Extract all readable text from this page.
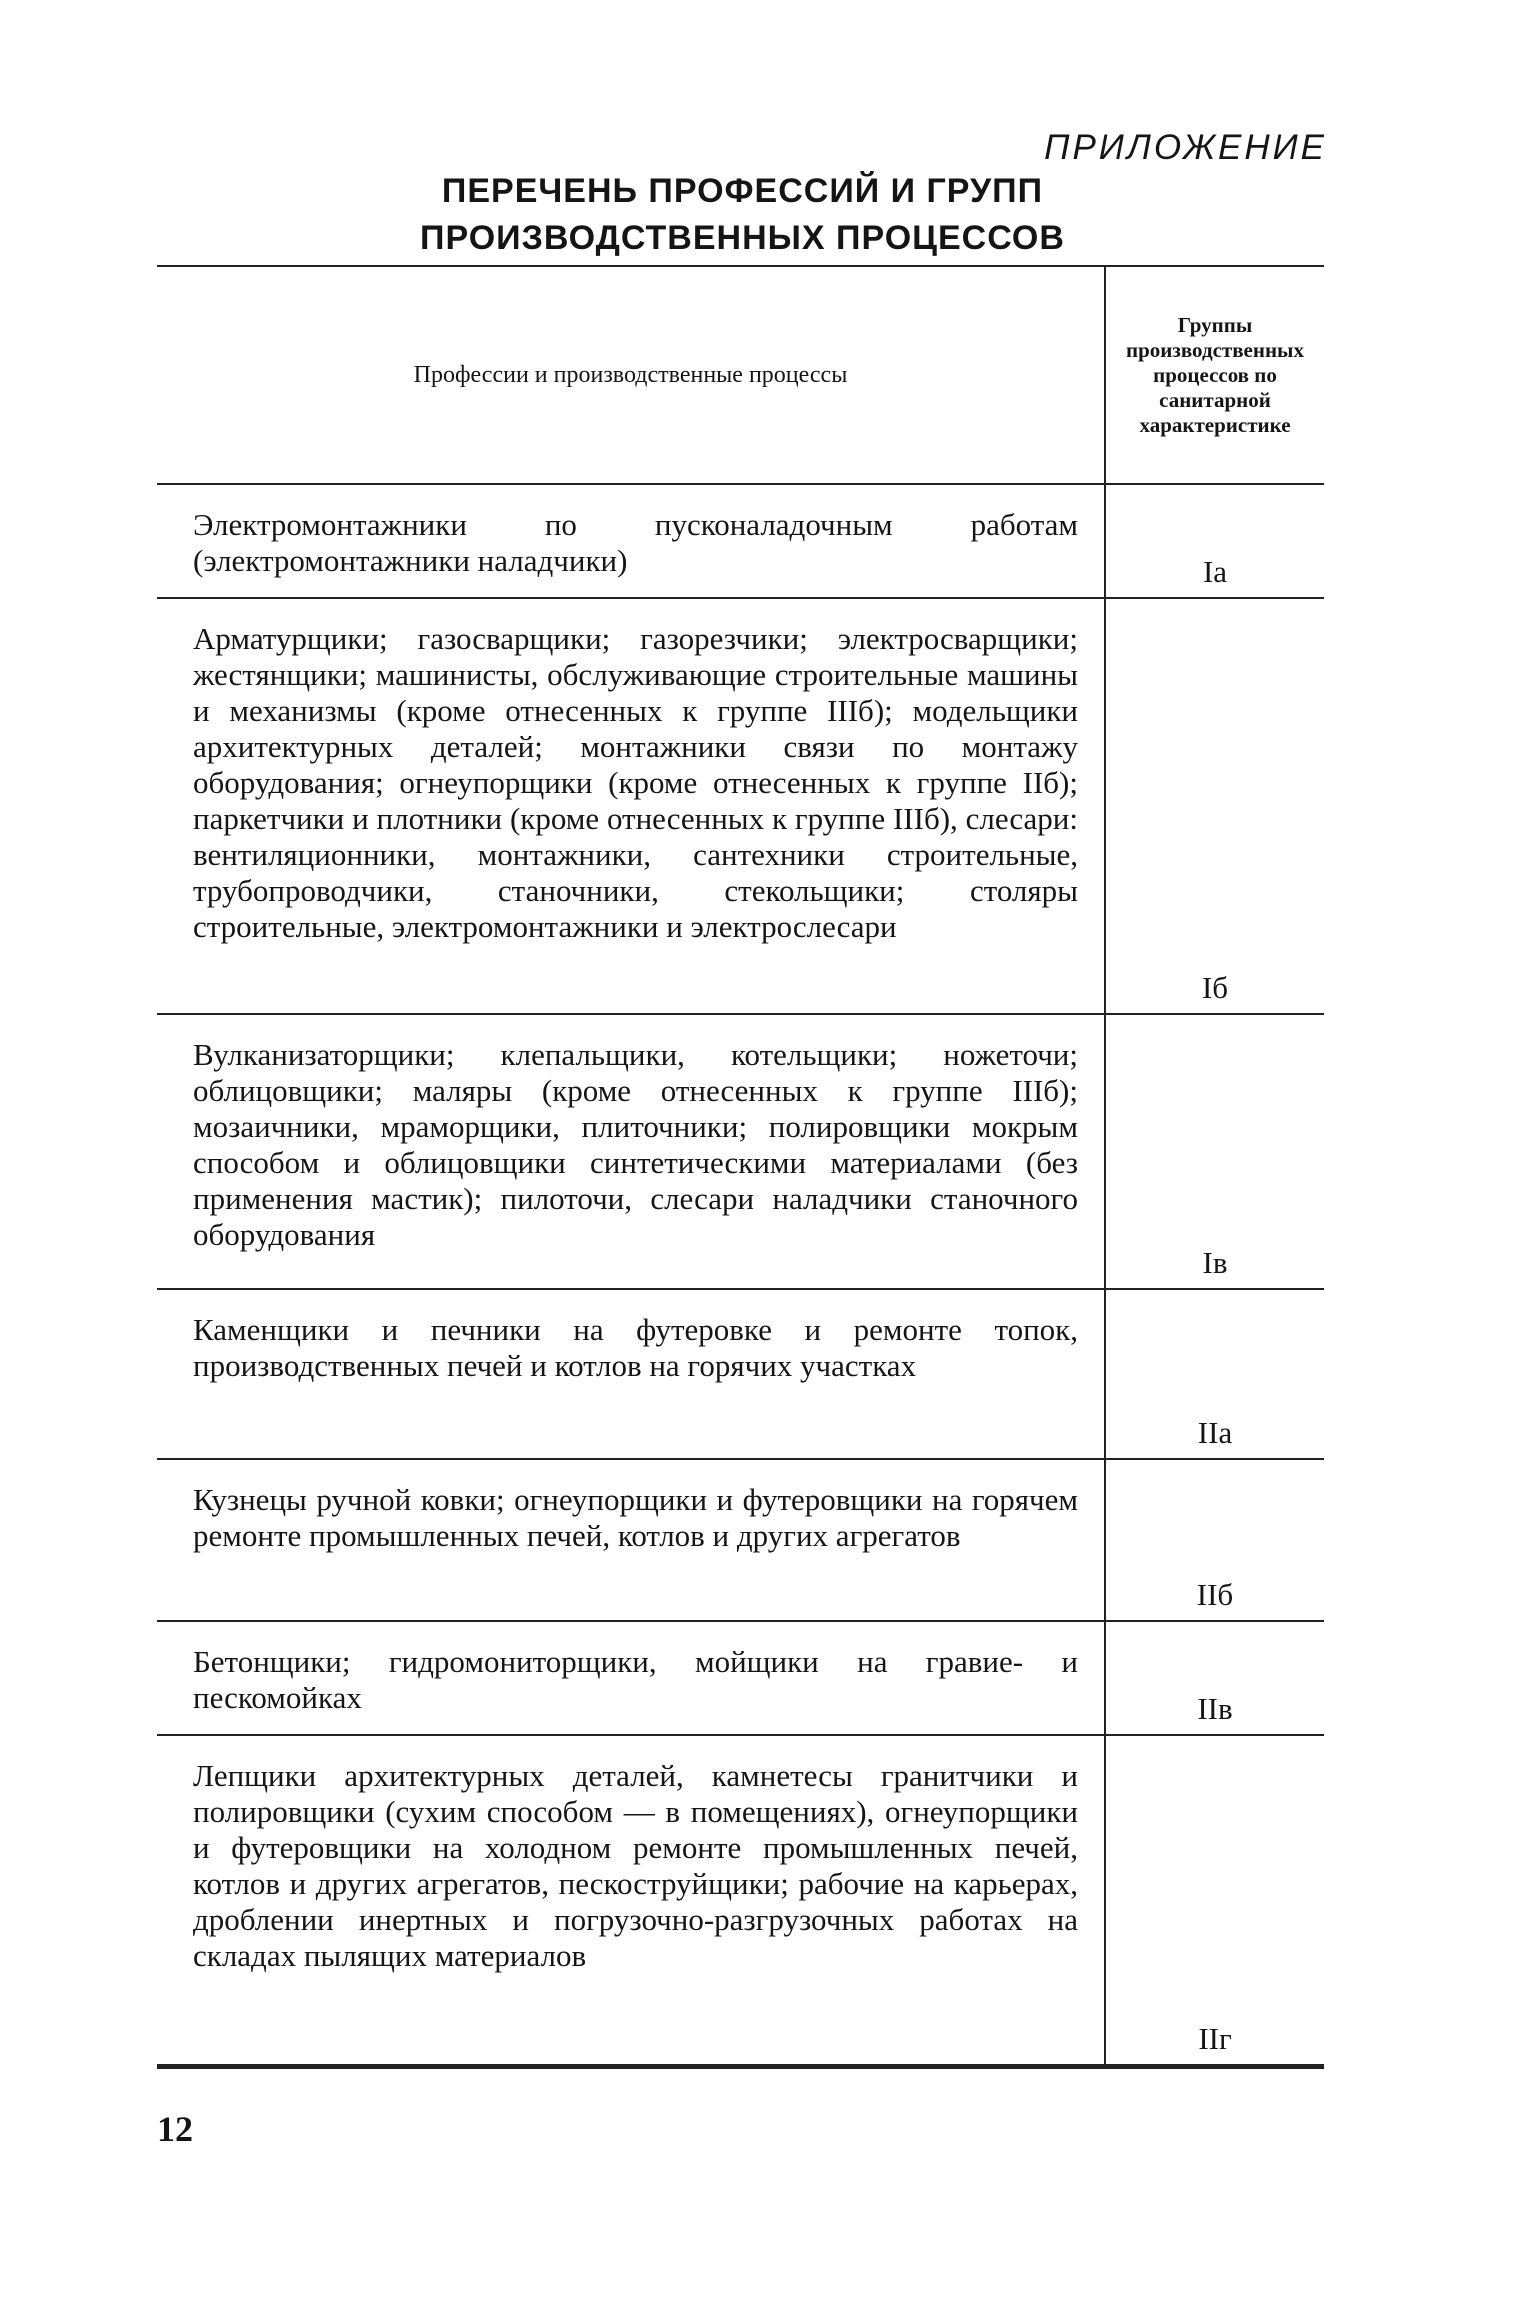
ПРИЛОЖЕНИЕ

ПЕРЕЧЕНЬ ПРОФЕССИЙ И ГРУПП
ПРОИЗВОДСТВЕННЫХ ПРОЦЕССОВ
Профессии и производственные процессы	Группы производственных процессов по санитарной характеристике
Электромонтажники по пусконаладочным работам (электромонтажники наладчики)	Iа
Арматурщики; газосварщики; газорезчики; электросварщики; жестянщики; машинисты, обслуживающие строительные машины и механизмы (кроме отнесенных к группе IIIб); модельщики архитектурных деталей; монтажники связи по монтажу оборудования; огнеупорщики (кроме отнесенных к группе IIб); паркетчики и плотники (кроме отнесенных к группе IIIб), слесари: вентиляционники, монтажники, сантехники строительные, трубопроводчики, станочники, стекольщики; столяры строительные, электромонтажники и электрослесари	Iб
Вулканизаторщики; клепальщики, котельщики; ножеточи; облицовщики; маляры (кроме отнесенных к группе IIIб); мозаичники, мраморщики, плиточники; полировщики мокрым способом и облицовщики синтетическими материалами (без применения мастик); пилоточи, слесари наладчики станочного оборудования	Iв
Каменщики и печники на футеровке и ремонте топок, производственных печей и котлов на горячих участках	IIа
Кузнецы ручной ковки; огнеупорщики и футеровщики на горячем ремонте промышленных печей, котлов и других агрегатов	IIб
Бетонщики; гидромониторщики, мойщики на гравие- и пескомойках	IIв
Лепщики архитектурных деталей, камнетесы гранитчики и полировщики (сухим способом — в помещениях), огнеупорщики и футеровщики на холодном ремонте промышленных печей, котлов и других агрегатов, пескоструйщики; рабочие на карьерах, дроблении инертных и погрузочно-разгрузочных работах на складах пылящих материалов	IIг

12
